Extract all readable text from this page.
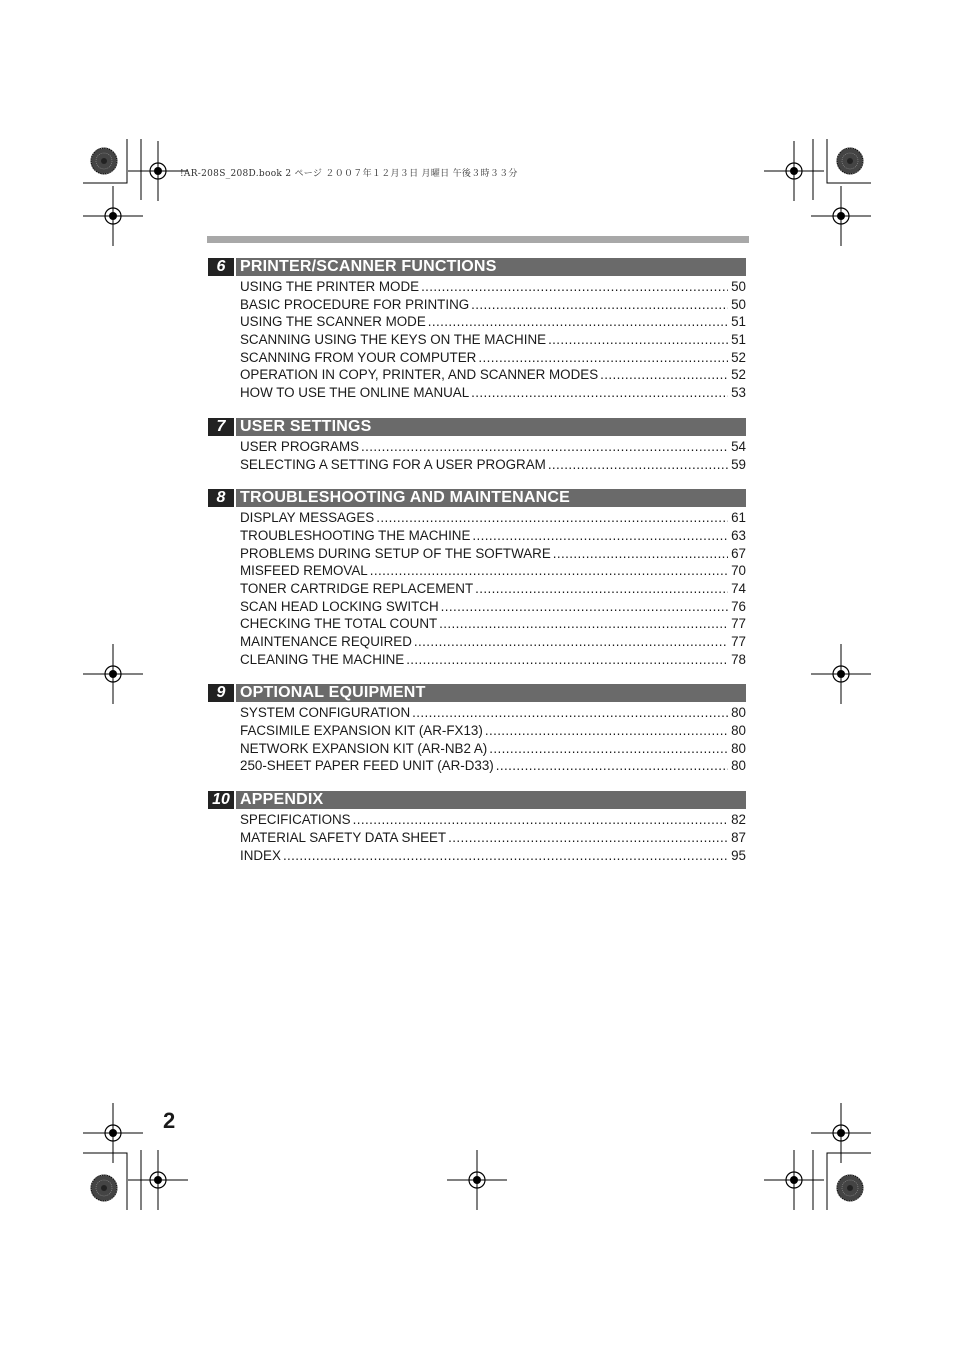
!AR-208S_208D.book 2 ページ ２００７年１２月３日 月曜日 午後３時３３分
6 PRINTER/SCANNER FUNCTIONS
USING THE PRINTER MODE .....	50
BASIC PROCEDURE FOR PRINTING .....	50
USING THE SCANNER MODE .....	51
SCANNING USING THE KEYS ON THE MACHINE .....	51
SCANNING FROM YOUR COMPUTER .....	52
OPERATION IN COPY, PRINTER, AND SCANNER MODES .....	52
HOW TO USE THE ONLINE MANUAL .....	53
7 USER SETTINGS
USER PROGRAMS .....	54
SELECTING A SETTING FOR A USER PROGRAM .....	59
8 TROUBLESHOOTING AND MAINTENANCE
DISPLAY MESSAGES .....	61
TROUBLESHOOTING THE MACHINE .....	63
PROBLEMS DURING SETUP OF THE SOFTWARE .....	67
MISFEED REMOVAL .....	70
TONER CARTRIDGE REPLACEMENT .....	74
SCAN HEAD LOCKING SWITCH .....	76
CHECKING THE TOTAL COUNT .....	77
MAINTENANCE REQUIRED .....	77
CLEANING THE MACHINE .....	78
9 OPTIONAL EQUIPMENT
SYSTEM CONFIGURATION .....	80
FACSIMILE EXPANSION KIT (AR-FX13) .....	80
NETWORK EXPANSION KIT (AR-NB2 A) .....	80
250-SHEET PAPER FEED UNIT (AR-D33) .....	80
10 APPENDIX
SPECIFICATIONS .....	82
MATERIAL SAFETY DATA SHEET .....	87
INDEX .....	95
2
